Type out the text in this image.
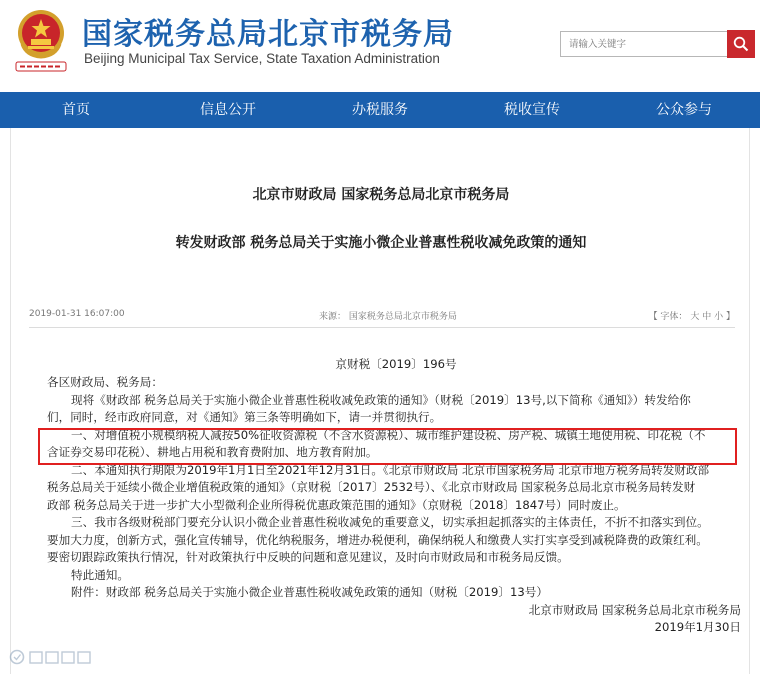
国家税务总局北京市税务局
Beijing Municipal Tax Service, State Taxation Administration
请输入关键字
首页	信息公开	办税服务	税收宣传	公众参与
北京市财政局 国家税务总局北京市税务局
转发财政部 税务总局关于实施小微企业普惠性税收减免政策的通知
2019-01-31 16:07:00	来源： 国家税务总局北京市税务局	【 字体： 大 中 小 】

京财税〔2019〕196号

各区财政局、税务局：

现将《财政部 税务总局关于实施小微企业普惠性税收减免政策的通知》（财税〔2019〕13号,以下简称《通知》）转发给你

们，同时，经市政府同意，对《通知》第三条等明确如下，请一并贯彻执行。

一、对增值税小规模纳税人减按50%征收资源税（不含水资源税）、城市维护建设税、房产税、城镇土地使用税、印花税（不

含证券交易印花税）、耕地占用税和教育费附加、地方教育附加。

二、本通知执行期限为2019年1月1日至2021年12月31日。《北京市财政局 北京市国家税务局 北京市地方税务局转发财政部

税务总局关于延续小微企业增值税政策的通知》（京财税〔2017〕2532号）、《北京市财政局 国家税务总局北京市税务局转发财

政部 税务总局关于进一步扩大小型微利企业所得税优惠政策范围的通知》（京财税〔2018〕1847号）同时废止。

三、我市各级财税部门要充分认识小微企业普惠性税收减免的重要意义，切实承担起抓落实的主体责任，不折不扣落实到位。

要加大力度，创新方式，强化宣传辅导，优化纳税服务，增进办税便利，确保纳税人和缴费人实打实享受到减税降费的政策红利。

要密切跟踪政策执行情况，针对政策执行中反映的问题和意见建议，及时向市财政局和市税务局反馈。

特此通知。

附件：财政部 税务总局关于实施小微企业普惠性税收减免政策的通知（财税〔2019〕13号）

北京市财政局 国家税务总局北京市税务局

2019年1月30日
